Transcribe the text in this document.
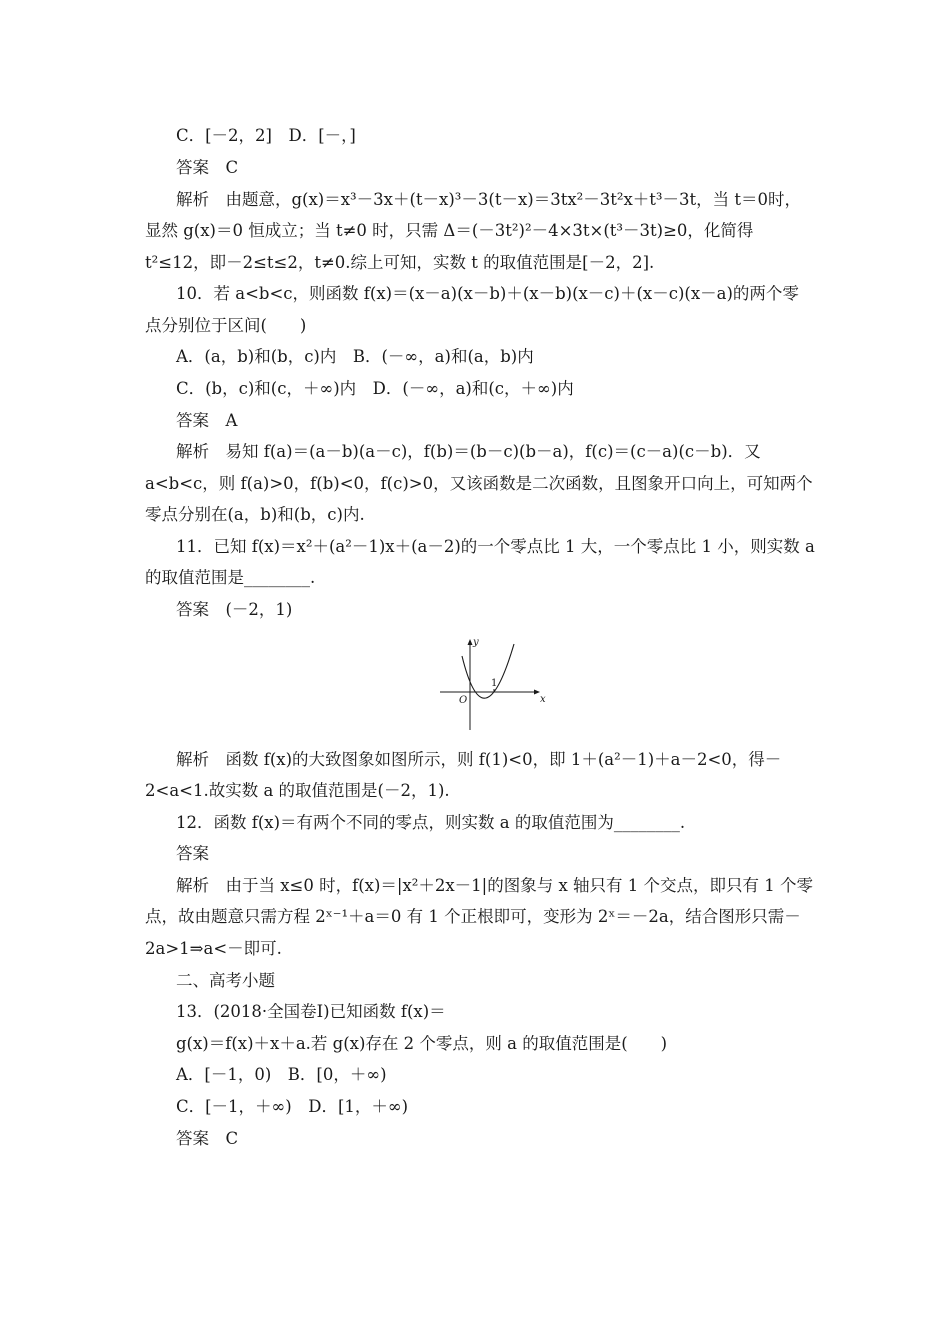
C．[－2，2]　D．[－，]
答案　C
解析　由题意，g(x)＝x³－3x＋(t－x)³－3(t－x)＝3tx²－3t²x＋t³－3t，当 t＝0时，
显然 g(x)＝0 恒成立；当 t≠0 时，只需 Δ＝(－3t²)²－4×3t×(t³－3t)≥0，化简得
t²≤12，即－2≤t≤2，t≠0.综上可知，实数 t 的取值范围是[－2，2].
10．若 a<b<c，则函数 f(x)＝(x－a)(x－b)＋(x－b)(x－c)＋(x－c)(x－a)的两个零
点分别位于区间(　　)
A．(a，b)和(b，c)内　B．(－∞，a)和(a，b)内
C．(b，c)和(c，＋∞)内　D．(－∞，a)和(c，＋∞)内
答案　A
解析　易知 f(a)＝(a－b)(a－c)，f(b)＝(b－c)(b－a)，f(c)＝(c－a)(c－b)．又
a<b<c，则 f(a)>0，f(b)<0，f(c)>0，又该函数是二次函数，且图象开口向上，可知两个
零点分别在(a，b)和(b，c)内.
11．已知 f(x)＝x²＋(a²－1)x＋(a－2)的一个零点比 1 大，一个零点比 1 小，则实数 a
的取值范围是________.
答案　(－2，1)
x
y
O
1
解析　函数 f(x)的大致图象如图所示，则 f(1)<0，即 1＋(a²－1)＋a－2<0，得－
2<a<1.故实数 a 的取值范围是(－2，1).
12．函数 f(x)＝有两个不同的零点，则实数 a 的取值范围为________.
答案
解析　由于当 x≤0 时，f(x)＝|x²＋2x－1|的图象与 x 轴只有 1 个交点，即只有 1 个零
点，故由题意只需方程 2ˣ⁻¹＋a＝0 有 1 个正根即可，变形为 2ˣ＝－2a，结合图形只需－
2a>1⇒a<－即可.
二、高考小题
13．(2018·全国卷Ⅰ)已知函数 f(x)＝
g(x)＝f(x)＋x＋a.若 g(x)存在 2 个零点，则 a 的取值范围是(　　)
A．[－1，0)　B．[0，＋∞)
C．[－1，＋∞)　D．[1，＋∞)
答案　C
